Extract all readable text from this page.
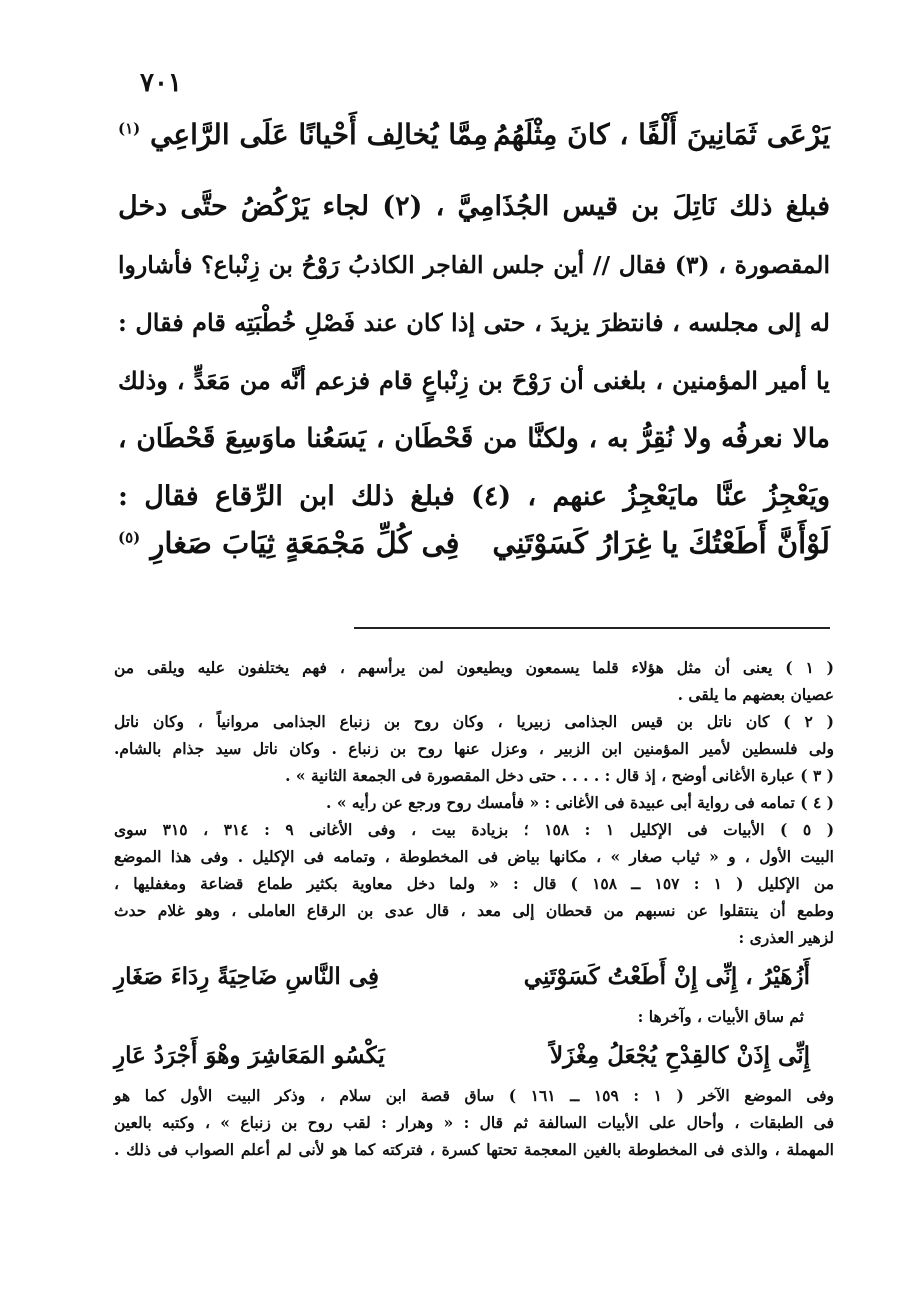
٧٠١
يَرْعَى ثَمَانِينَ أَلْفًا ، كانَ مِثْلَهُمُ
مِمَّا يُخالِف أَحْيانًا عَلَى الرَّاعِي $^{(١)}$
فبلغ ذلك نَاتِلَ بن قيس الجُذَامِيَّ ، (٢) لجاء يَرْكُضُ حتَّى دخل
المقصورة ، (٣) فقال // أين جلس الفاجر الكاذبُ رَوْحُ بن زِنْباع؟ فأشاروا
له إلى مجلسه ، فانتظرَ يزيدَ ، حتى إذا كان عند فَصْلِ خُطْبَتِه قام فقال :
يا أمير المؤمنين ، بلغنى أن رَوْحَ بن زِنْباعٍ قام فزعم أنَّه من مَعَدٍّ ، وذلك
مالا نعرفُه ولا نُقِرُّ به ، ولكنَّا من قَحْطَان ، يَسَعُنا ماوَسِعَ قَحْطَان ،
ويَعْجِزُ عنَّا مايَعْجِزُ عنهم ، (٤) فبلغ ذلك ابن الرِّقاع فقال :
لَوْأَنَّ أَطَعْتُكَ يا غِرَارُ كَسَوْتَنِي
فِى كُلِّ مَجْمَعَةٍ ثِيَابَ صَغارِ $^{(٥)}$
( ١ ) يعنى أن مثل هؤلاء قلما يسمعون ويطيعون لمن يرأسهم ، فهم يختلفون عليه ويلقى من
عصيان بعضهم ما يلقى .
( ٢ ) كان ناتل بن قيس الجذامى زبيريا ، وكان روح بن زنباع الجذامى مروانياً ، وكان ناتل
ولى فلسطين لأمير المؤمنين ابن الزبير ، وعزل عنها روح بن زنباع . وكان ناتل سيد جذام بالشام.
( ٣ ) عبارة الأغانى أوضح ، إذ قال : . . . . حتى دخل المقصورة فى الجمعة الثانية » .
( ٤ ) تمامه فى رواية أبى عبيدة فى الأغانى : « فأمسك روح ورجع عن رأيه » .
( ٥ ) الأبيات فى الإكليل ١ : ١٥٨ ؛ بزيادة بيت ، وفى الأغانى ٩ : ٣١٤ ، ٣١٥ سوى
البيت الأول ، و « ثياب صغار » ، مكانها بياض فى المخطوطة ، وتمامه فى الإكليل . وفى هذا الموضع
من الإكليل ( ١ : ١٥٧ ــ ١٥٨ ) قال : « ولما دخل معاوية بكثير طماع قضاعة ومغفليها ،
وطمع أن ينتقلوا عن نسبهم من قحطان إلى معد ، قال عدى بن الرقاع العاملى ، وهو غلام حدث
لزهير العذرى :
أَزُهَيْرُ ، إِنِّى إِنْ أَطَعْتُ كَسَوْتَنِي
فِى النَّاسِ ضَاحِيَةً رِدَاءَ صَغَارِ
ثم ساق الأبيات ، وآخرها :
إِنِّى إِذَنْ كالقِدْحِ يُجْعَلُ مِغْزَلاً
يَكْسُو المَعَاشِرَ وهْوَ أَجْرَدُ عَارِ
وفى الموضع الآخر ( ١ : ١٥٩ ــ ١٦١ ) ساق قصة ابن سلام ، وذكر البيت الأول كما هو
فى الطبقات ، وأحال على الأبيات السالفة ثم قال : « وهرار : لقب روح بن زنباع » ، وكتبه بالعين
المهملة ، والذى فى المخطوطة بالغين المعجمة تحتها كسرة ، فتركته كما هو لأنى لم أعلم الصواب فى ذلك .
